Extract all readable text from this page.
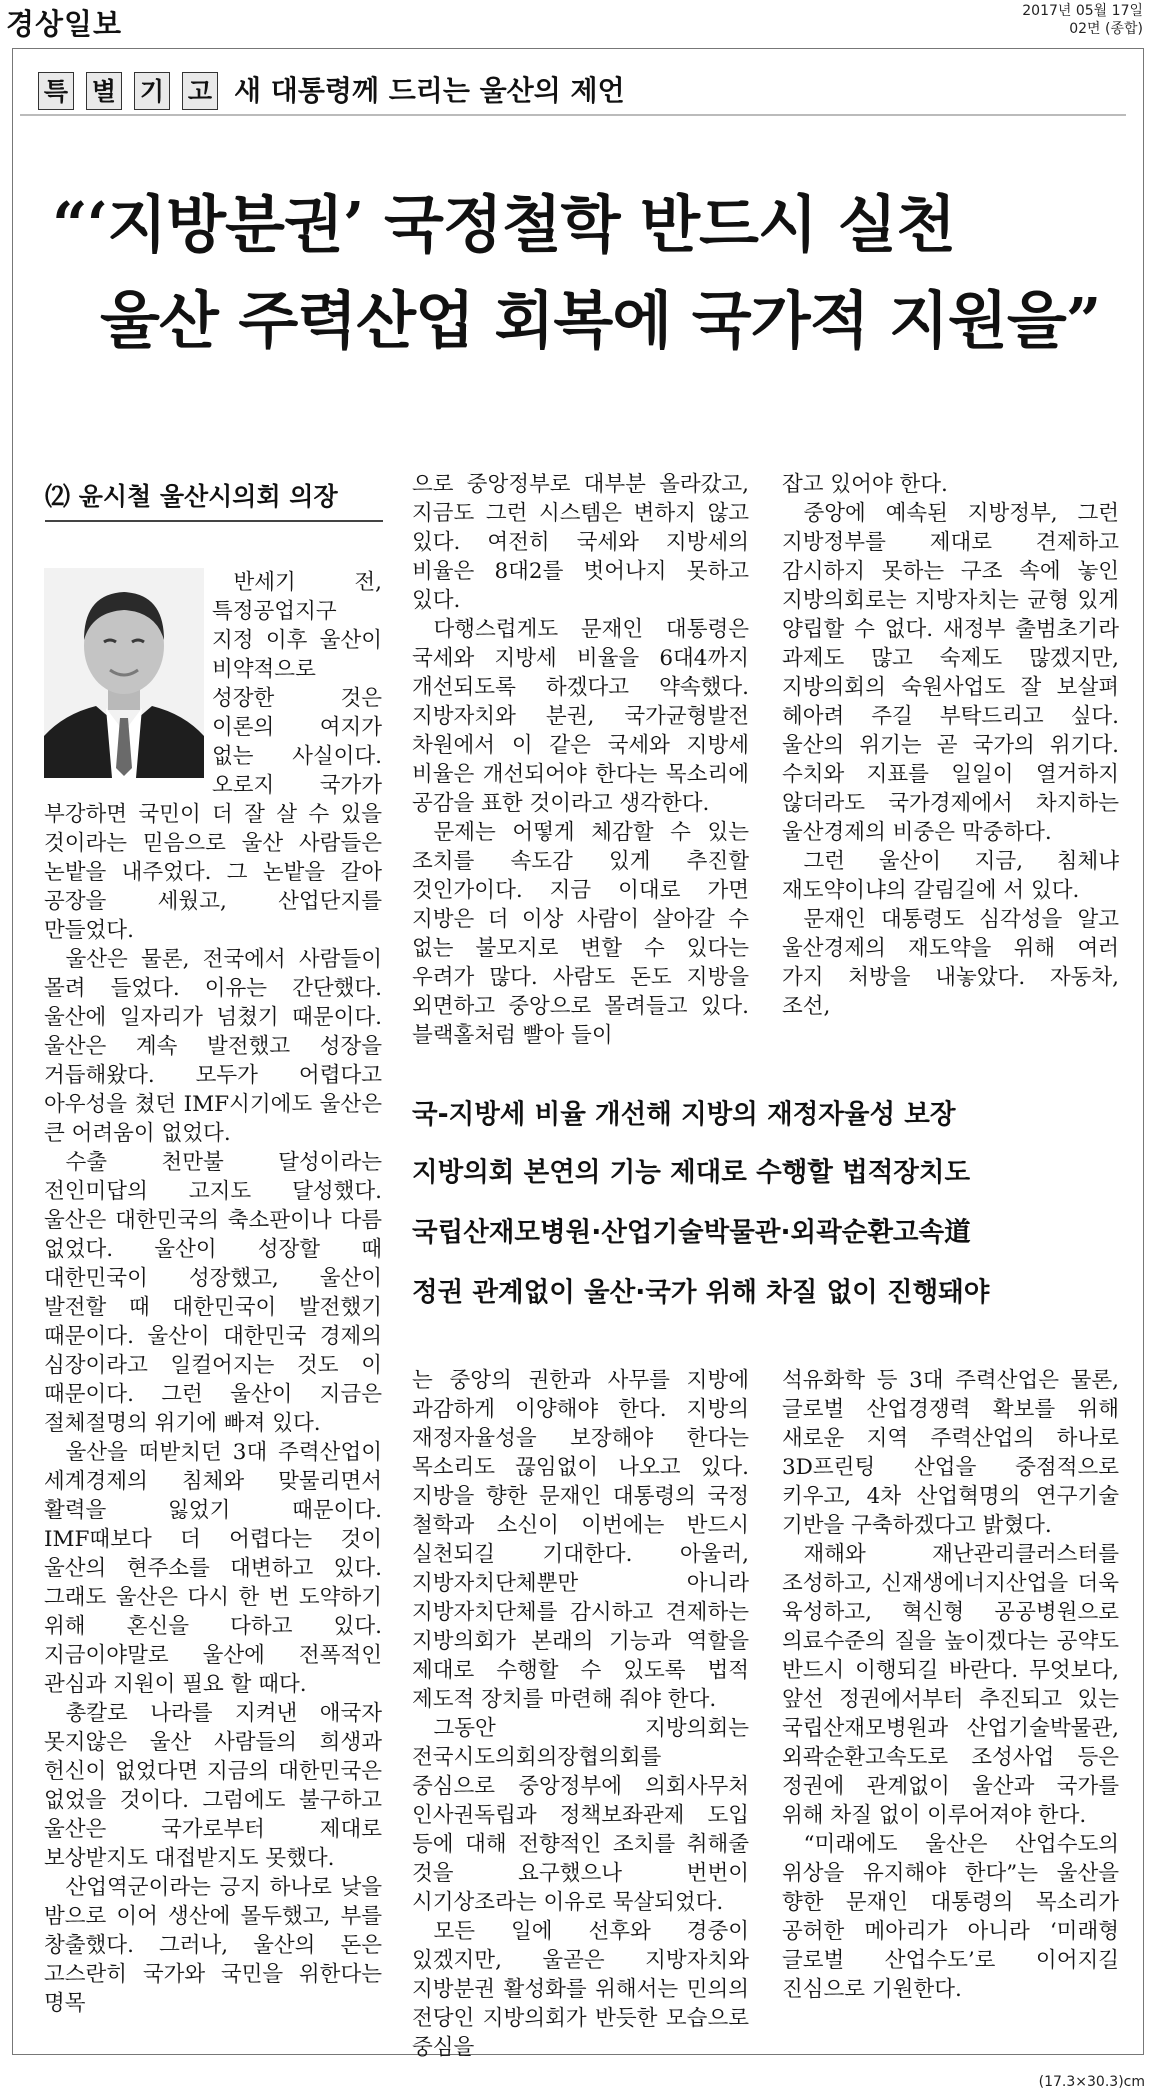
경상일보	2017년 05월 17일
02면 (종합)
특 별 기 고 새 대통령께 드리는 울산의 제언
“‘지방분권’ 국정철학 반드시 실천
울산 주력산업 회복에 국가적 지원을”
⑵ 윤시철 울산시의회 의장

반세기 전, 특정공업지구 지정 이후 울산이 비약적으로 성장한 것은 이론의 여지가 없는 사실이다. 오로지 국가가 부강하면 국민이 더 잘 살 수 있을 것이라는 믿음으로 울산 사람들은 논밭을 내주었다. 그 논밭을 갈아 공장을 세웠고, 산업단지를 만들었다.

울산은 물론, 전국에서 사람들이 몰려 들었다. 이유는 간단했다. 울산에 일자리가 넘쳤기 때문이다. 울산은 계속 발전했고 성장을 거듭해왔다. 모두가 어렵다고 아우성을 쳤던 IMF시기에도 울산은 큰 어려움이 없었다.

수출 천만불 달성이라는 전인미답의 고지도 달성했다. 울산은 대한민국의 축소판이나 다름 없었다. 울산이 성장할 때 대한민국이 성장했고, 울산이 발전할 때 대한민국이 발전했기 때문이다. 울산이 대한민국 경제의 심장이라고 일컬어지는 것도 이 때문이다. 그런 울산이 지금은 절체절명의 위기에 빠져 있다.

울산을 떠받치던 3대 주력산업이 세계경제의 침체와 맞물리면서 활력을 잃었기 때문이다. IMF때보다 더 어렵다는 것이 울산의 현주소를 대변하고 있다. 그래도 울산은 다시 한 번 도약하기 위해 혼신을 다하고 있다. 지금이야말로 울산에 전폭적인 관심과 지원이 필요 할 때다.

총칼로 나라를 지켜낸 애국자 못지않은 울산 사람들의 희생과 헌신이 없었다면 지금의 대한민국은 없었을 것이다. 그럼에도 불구하고 울산은 국가로부터 제대로 보상받지도 대접받지도 못했다.

산업역군이라는 긍지 하나로 낮을 밤으로 이어 생산에 몰두했고, 부를 창출했다. 그러나, 울산의 돈은 고스란히 국가와 국민을 위한다는 명목

으로 중앙정부로 대부분 올라갔고, 지금도 그런 시스템은 변하지 않고 있다. 여전히 국세와 지방세의 비율은 8대2를 벗어나지 못하고 있다.

다행스럽게도 문재인 대통령은 국세와 지방세 비율을 6대4까지 개선되도록 하겠다고 약속했다. 지방자치와 분권, 국가균형발전 차원에서 이 같은 국세와 지방세 비율은 개선되어야 한다는 목소리에 공감을 표한 것이라고 생각한다.

문제는 어떻게 체감할 수 있는 조치를 속도감 있게 추진할 것인가이다. 지금 이대로 가면 지방은 더 이상 사람이 살아갈 수 없는 불모지로 변할 수 있다는 우려가 많다. 사람도 돈도 지방을 외면하고 중앙으로 몰려들고 있다. 블랙홀처럼 빨아 들이

잡고 있어야 한다.

중앙에 예속된 지방정부, 그런 지방정부를 제대로 견제하고 감시하지 못하는 구조 속에 놓인 지방의회로는 지방자치는 균형 있게 양립할 수 없다. 새정부 출범초기라 과제도 많고 숙제도 많겠지만, 지방의회의 숙원사업도 잘 보살펴 헤아려 주길 부탁드리고 싶다. 울산의 위기는 곧 국가의 위기다. 수치와 지표를 일일이 열거하지 않더라도 국가경제에서 차지하는 울산경제의 비중은 막중하다.

그런 울산이 지금, 침체냐 재도약이냐의 갈림길에 서 있다.

문재인 대통령도 심각성을 알고 울산경제의 재도약을 위해 여러 가지 처방을 내놓았다. 자동차, 조선,

국-지방세 비율 개선해 지방의 재정자율성 보장
지방의회 본연의 기능 제대로 수행할 법적장치도
국립산재모병원·산업기술박물관·외곽순환고속道
정권 관계없이 울산·국가 위해 차질 없이 진행돼야

는 중앙의 권한과 사무를 지방에 과감하게 이양해야 한다. 지방의 재정자율성을 보장해야 한다는 목소리도 끊임없이 나오고 있다. 지방을 향한 문재인 대통령의 국정 철학과 소신이 이번에는 반드시 실천되길 기대한다. 아울러, 지방자치단체뿐만 아니라 지방자치단체를 감시하고 견제하는 지방의회가 본래의 기능과 역할을 제대로 수행할 수 있도록 법적 제도적 장치를 마련해 줘야 한다.

그동안 지방의회는 전국시도의회의장협의회를 중심으로 중앙정부에 의회사무처 인사권독립과 정책보좌관제 도입 등에 대해 전향적인 조치를 취해줄 것을 요구했으나 번번이 시기상조라는 이유로 묵살되었다.

모든 일에 선후와 경중이 있겠지만, 울곧은 지방자치와 지방분권 활성화를 위해서는 민의의 전당인 지방의회가 반듯한 모습으로 중심을

석유화학 등 3대 주력산업은 물론, 글로벌 산업경쟁력 확보를 위해 새로운 지역 주력산업의 하나로 3D프린팅 산업을 중점적으로 키우고, 4차 산업혁명의 연구기술 기반을 구축하겠다고 밝혔다.

재해와 재난관리클러스터를 조성하고, 신재생에너지산업을 더욱 육성하고, 혁신형 공공병원으로 의료수준의 질을 높이겠다는 공약도 반드시 이행되길 바란다. 무엇보다, 앞선 정권에서부터 추진되고 있는 국립산재모병원과 산업기술박물관, 외곽순환고속도로 조성사업 등은 정권에 관계없이 울산과 국가를 위해 차질 없이 이루어져야 한다.

“미래에도 울산은 산업수도의 위상을 유지해야 한다”는 울산을 향한 문재인 대통령의 목소리가 공허한 메아리가 아니라 ‘미래형 글로벌 산업수도’로 이어지길 진심으로 기원한다.

(17.3×30.3)cm
